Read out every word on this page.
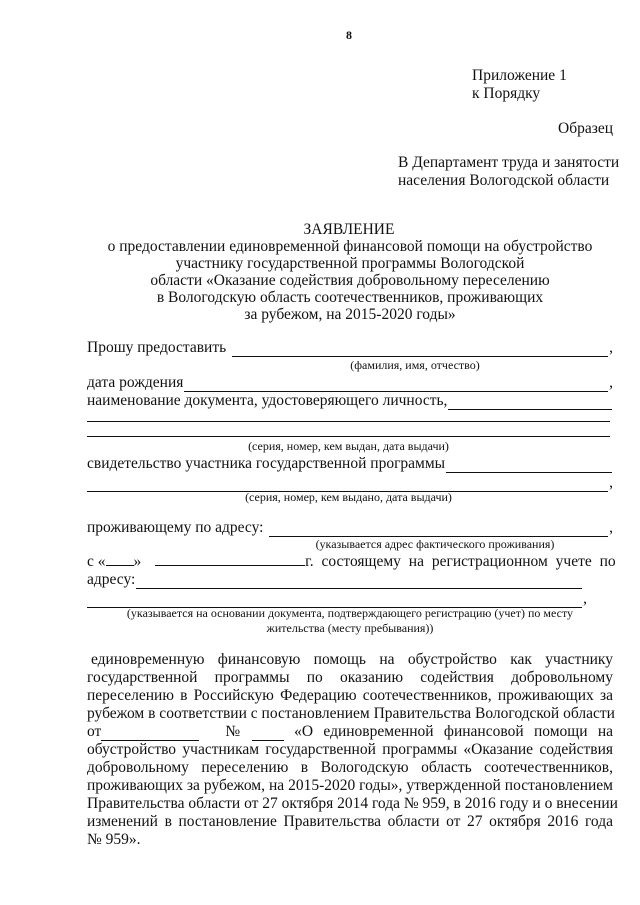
8
Приложение 1
к Порядку
Образец
В Департамент труда и занятости
населения Вологодской области
ЗАЯВЛЕНИЕ
о предоставлении единовременной финансовой помощи на обустройство
участнику государственной программы Вологодской
области «Оказание содействия добровольному переселению
в Вологодскую область соотечественников, проживающих
за рубежом, на 2015-2020 годы»
Прошу предоставить	,
(фамилия, имя, отчество)
дата рождения	,
наименование документа, удостоверяющего личность,
(серия, номер, кем выдан, дата выдачи)
свидетельство участника государственной программы
,
(серия, номер, кем выдано, дата выдачи)
проживающему по адресу:	,
(указывается адрес фактического проживания)
с « »	г. состоящему на регистрационном учете по
адресу:
,
(указывается на основании документа, подтверждающего регистрацию (учет) по месту
жительства (месту пребывания))
единовременную финансовую помощь на обустройство как участнику
государственной программы по оказанию содействия добровольному
переселению в Российскую Федерацию соотечественников, проживающих за
рубежом в соответствии с постановлением Правительства Вологодской области
от	№	«О единовременной финансовой помощи на
обустройство участникам государственной программы «Оказание содействия
добровольному переселению в Вологодскую область соотечественников,
проживающих за рубежом, на 2015-2020 годы», утвержденной постановлением
Правительства области от 27 октября 2014 года № 959, в 2016 году и о внесении
изменений в постановление Правительства области от 27 октября 2016 года
№ 959».
